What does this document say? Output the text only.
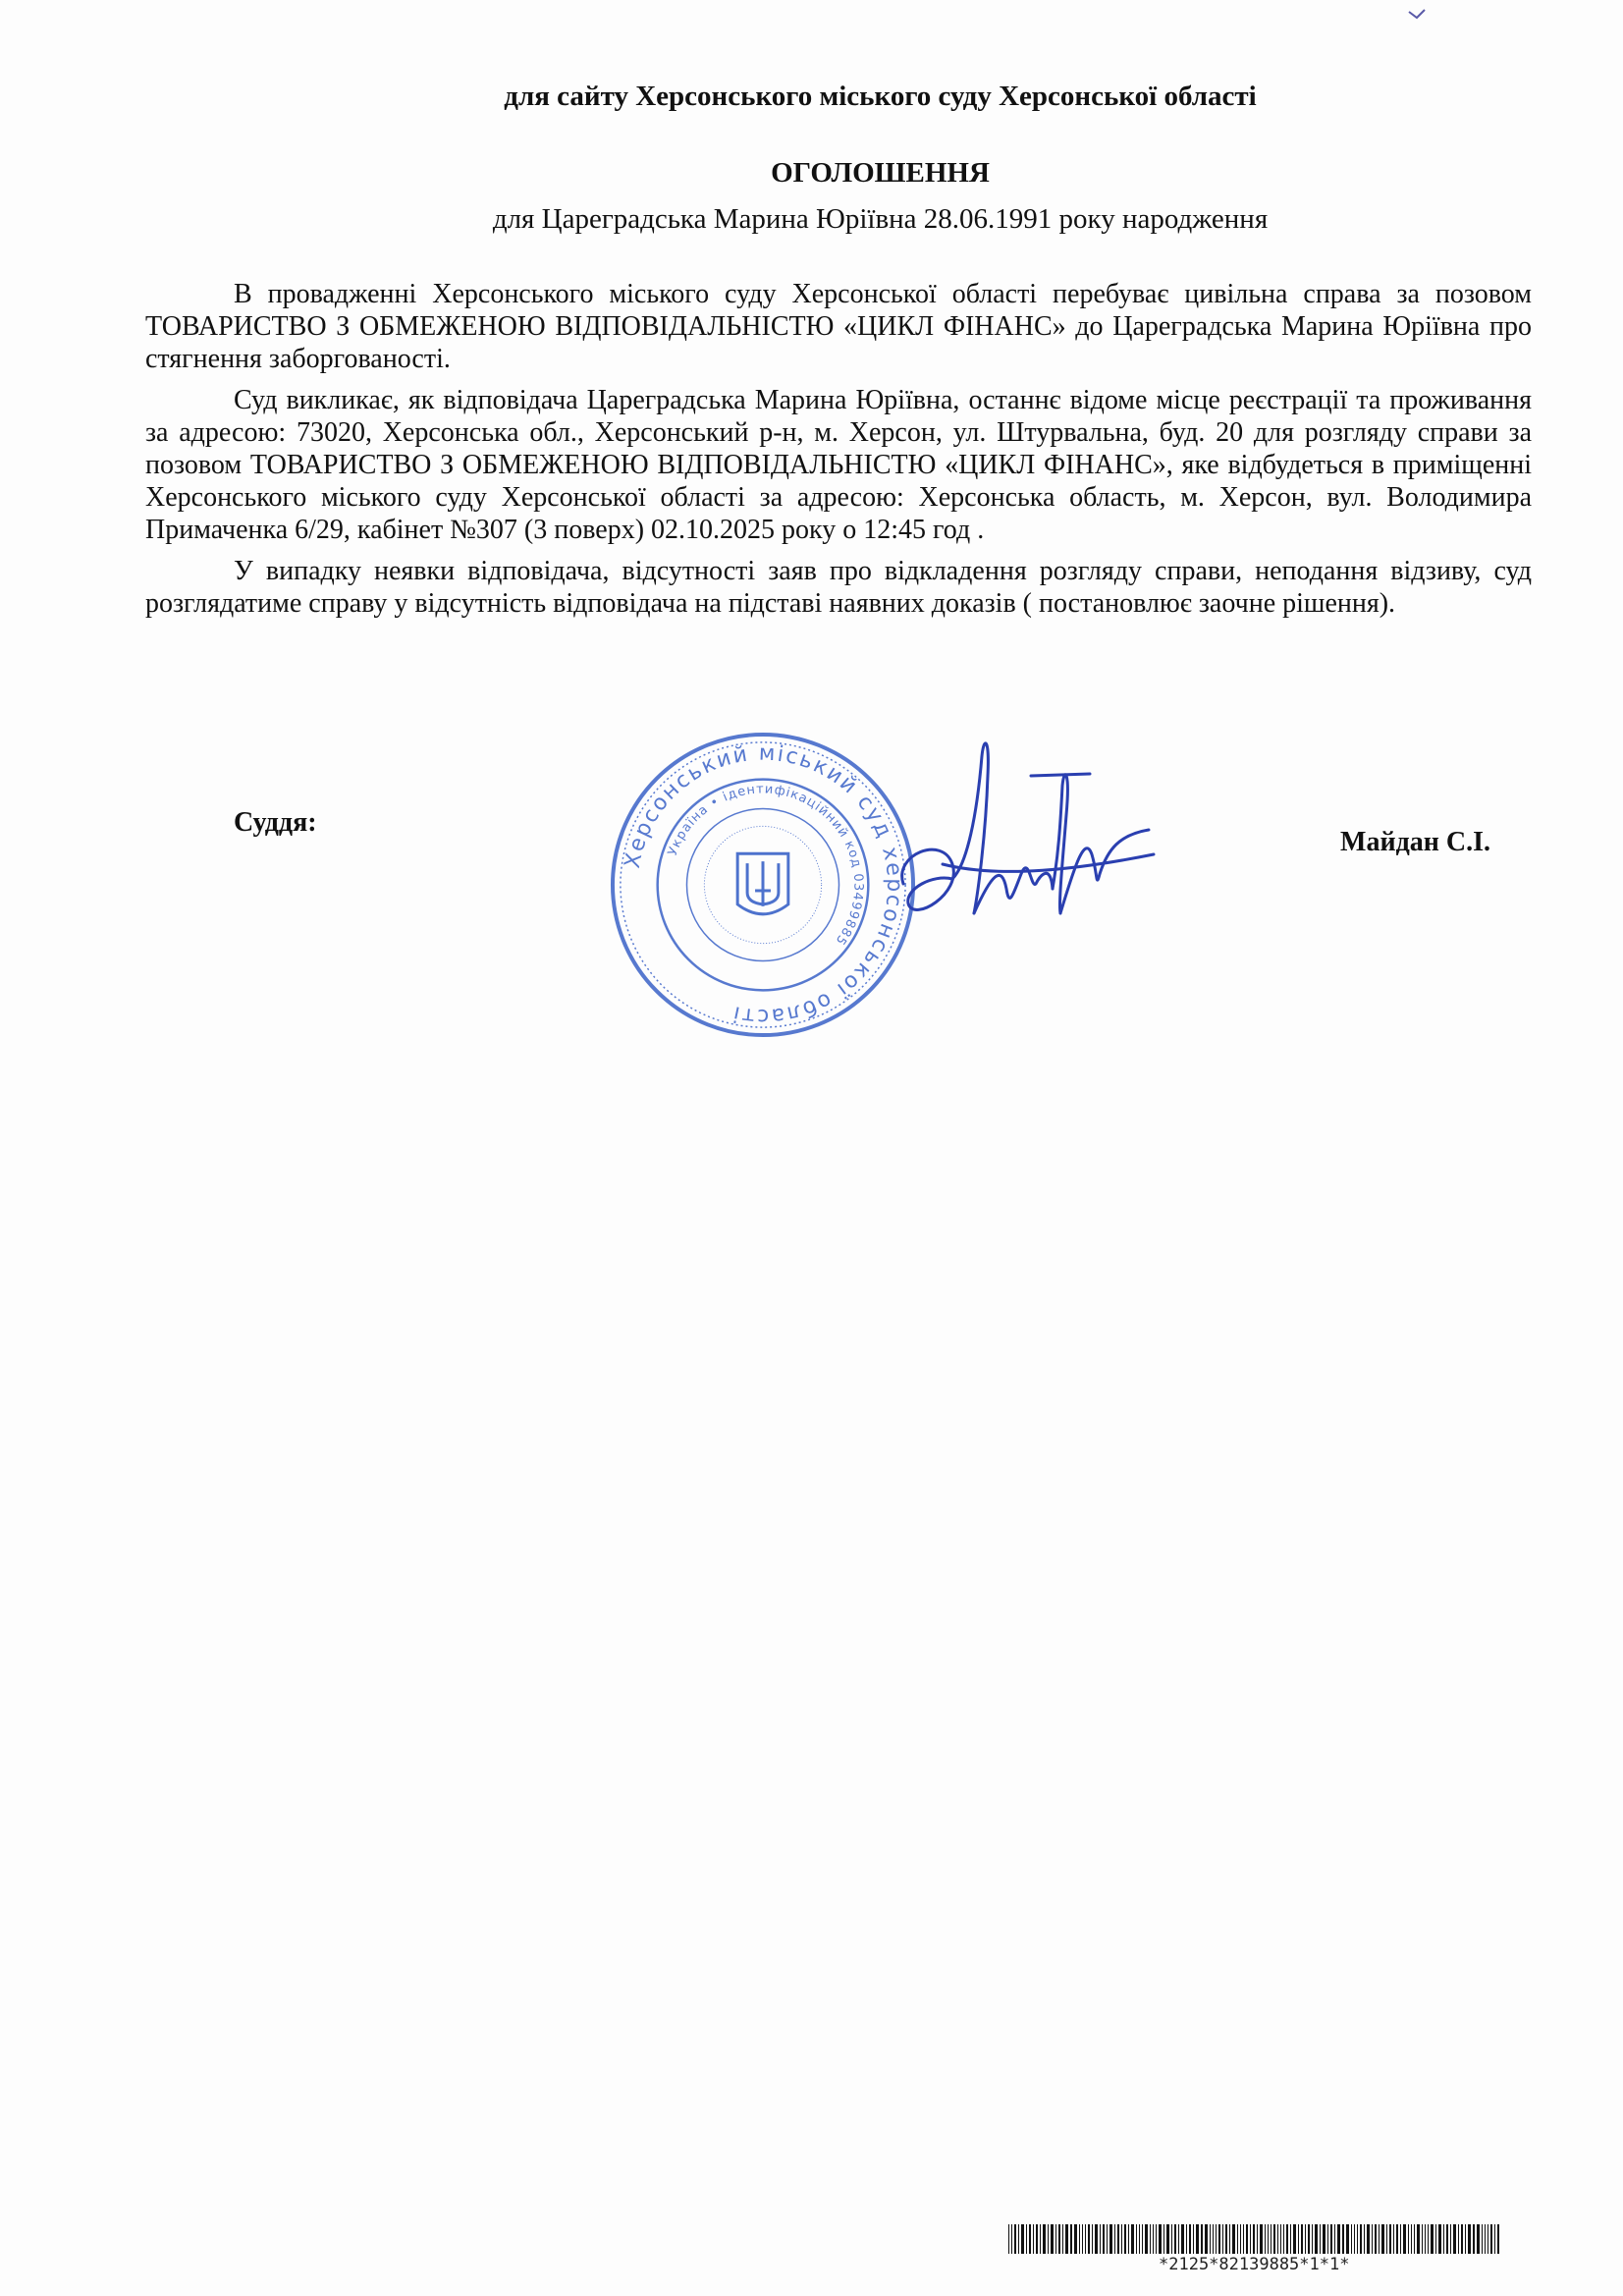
для сайту Херсонського міського суду Херсонської області
ОГОЛОШЕННЯ
для Цареградська Марина Юріївна 28.06.1991 року народження

В провадженні Херсонського міського суду Херсонської області перебуває цивільна справа за позовом ТОВАРИСТВО З ОБМЕЖЕНОЮ ВІДПОВІДАЛЬНІСТЮ «ЦИКЛ ФІНАНС» до Цареградська Марина Юріївна про стягнення заборгованості.

Суд викликає, як відповідача Цареградська Марина Юріївна, останнє відоме місце реєстрації та проживання за адресою: 73020, Херсонська обл., Херсонський р-н, м. Херсон, ул. Штурвальна, буд. 20 для розгляду справи за позовом ТОВАРИСТВО З ОБМЕЖЕНОЮ ВІДПОВІДАЛЬНІСТЮ «ЦИКЛ ФІНАНС», яке відбудеться в приміщенні Херсонського міського суду Херсонської області за адресою: Херсонська область, м. Херсон, вул. Володимира Примаченка 6/29, кабінет №307 (3 поверх) 02.10.2025 року о 12:45 год .

У випадку неявки відповідача, відсутності заяв про відкладення розгляду справи, неподання відзиву, суд розглядатиме справу у відсутність відповідача на підставі наявних доказів ( постановлює заочне рішення).

Херсонський міський суд херсонської області
Україна • ідентифікаційний код 03499885
Суддя:
Майдан С.І.
*2125*82139885*1*1*
